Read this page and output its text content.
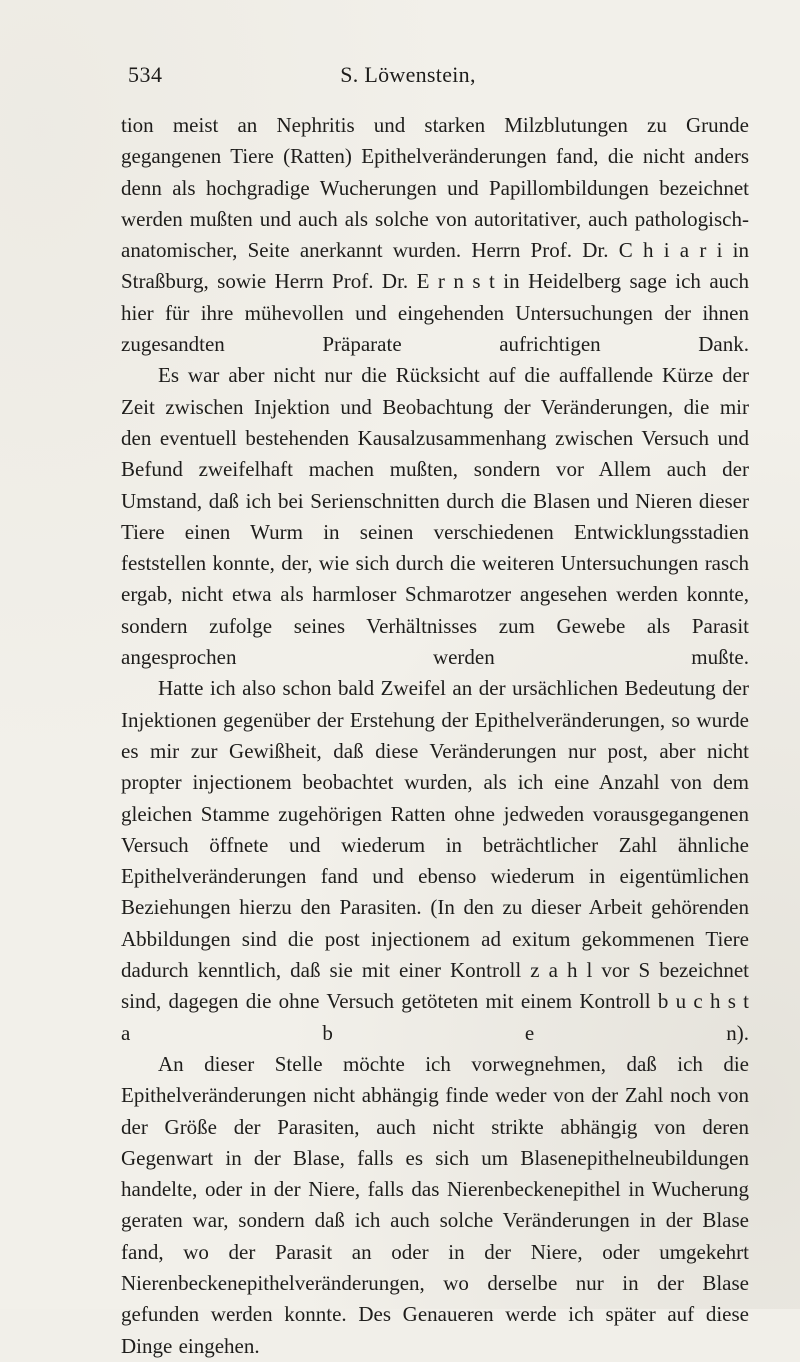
534	S. Löwenstein,

tion meist an Nephritis und starken Milzblutungen zu Grunde gegangenen Tiere (Ratten) Epithelveränderungen fand, die nicht anders denn als hochgradige Wucherungen und Papillombildungen bezeichnet werden mußten und auch als solche von autoritativer, auch pathologisch-anatomischer, Seite anerkannt wurden. Herrn Prof. Dr. C h i a r i in Straßburg, sowie Herrn Prof. Dr. E r n s t in Heidelberg sage ich auch hier für ihre mühevollen und eingehenden Untersuchungen der ihnen zugesandten Präparate aufrichtigen Dank.

Es war aber nicht nur die Rücksicht auf die auffallende Kürze der Zeit zwischen Injektion und Beobachtung der Veränderungen, die mir den eventuell bestehenden Kausalzusammenhang zwischen Versuch und Befund zweifelhaft machen mußten, sondern vor Allem auch der Umstand, daß ich bei Serienschnitten durch die Blasen und Nieren dieser Tiere einen Wurm in seinen verschiedenen Entwicklungsstadien feststellen konnte, der, wie sich durch die weiteren Untersuchungen rasch ergab, nicht etwa als harmloser Schmarotzer angesehen werden konnte, sondern zufolge seines Verhältnisses zum Gewebe als Parasit angesprochen werden mußte.

Hatte ich also schon bald Zweifel an der ursächlichen Bedeutung der Injektionen gegenüber der Erstehung der Epithelveränderungen, so wurde es mir zur Gewißheit, daß diese Veränderungen nur post, aber nicht propter injectionem beobachtet wurden, als ich eine Anzahl von dem gleichen Stamme zugehörigen Ratten ohne jedweden vorausgegangenen Versuch öffnete und wiederum in beträchtlicher Zahl ähnliche Epithelveränderungen fand und ebenso wiederum in eigentümlichen Beziehungen hierzu den Parasiten. (In den zu dieser Arbeit gehörenden Abbildungen sind die post injectionem ad exitum gekommenen Tiere dadurch kenntlich, daß sie mit einer Kontroll z a h l vor S bezeichnet sind, dagegen die ohne Versuch getöteten mit einem Kontroll b u c h s t a b e n).

An dieser Stelle möchte ich vorwegnehmen, daß ich die Epithelveränderungen nicht abhängig finde weder von der Zahl noch von der Größe der Parasiten, auch nicht strikte abhängig von deren Gegenwart in der Blase, falls es sich um Blasenepithelneubildungen handelte, oder in der Niere, falls das Nierenbeckenepithel in Wucherung geraten war, sondern daß ich auch solche Veränderungen in der Blase fand, wo der Parasit an oder in der Niere, oder umgekehrt Nierenbeckenepithelveränderungen, wo derselbe nur in der Blase gefunden werden konnte. Des Genaueren werde ich später auf diese Dinge eingehen.
